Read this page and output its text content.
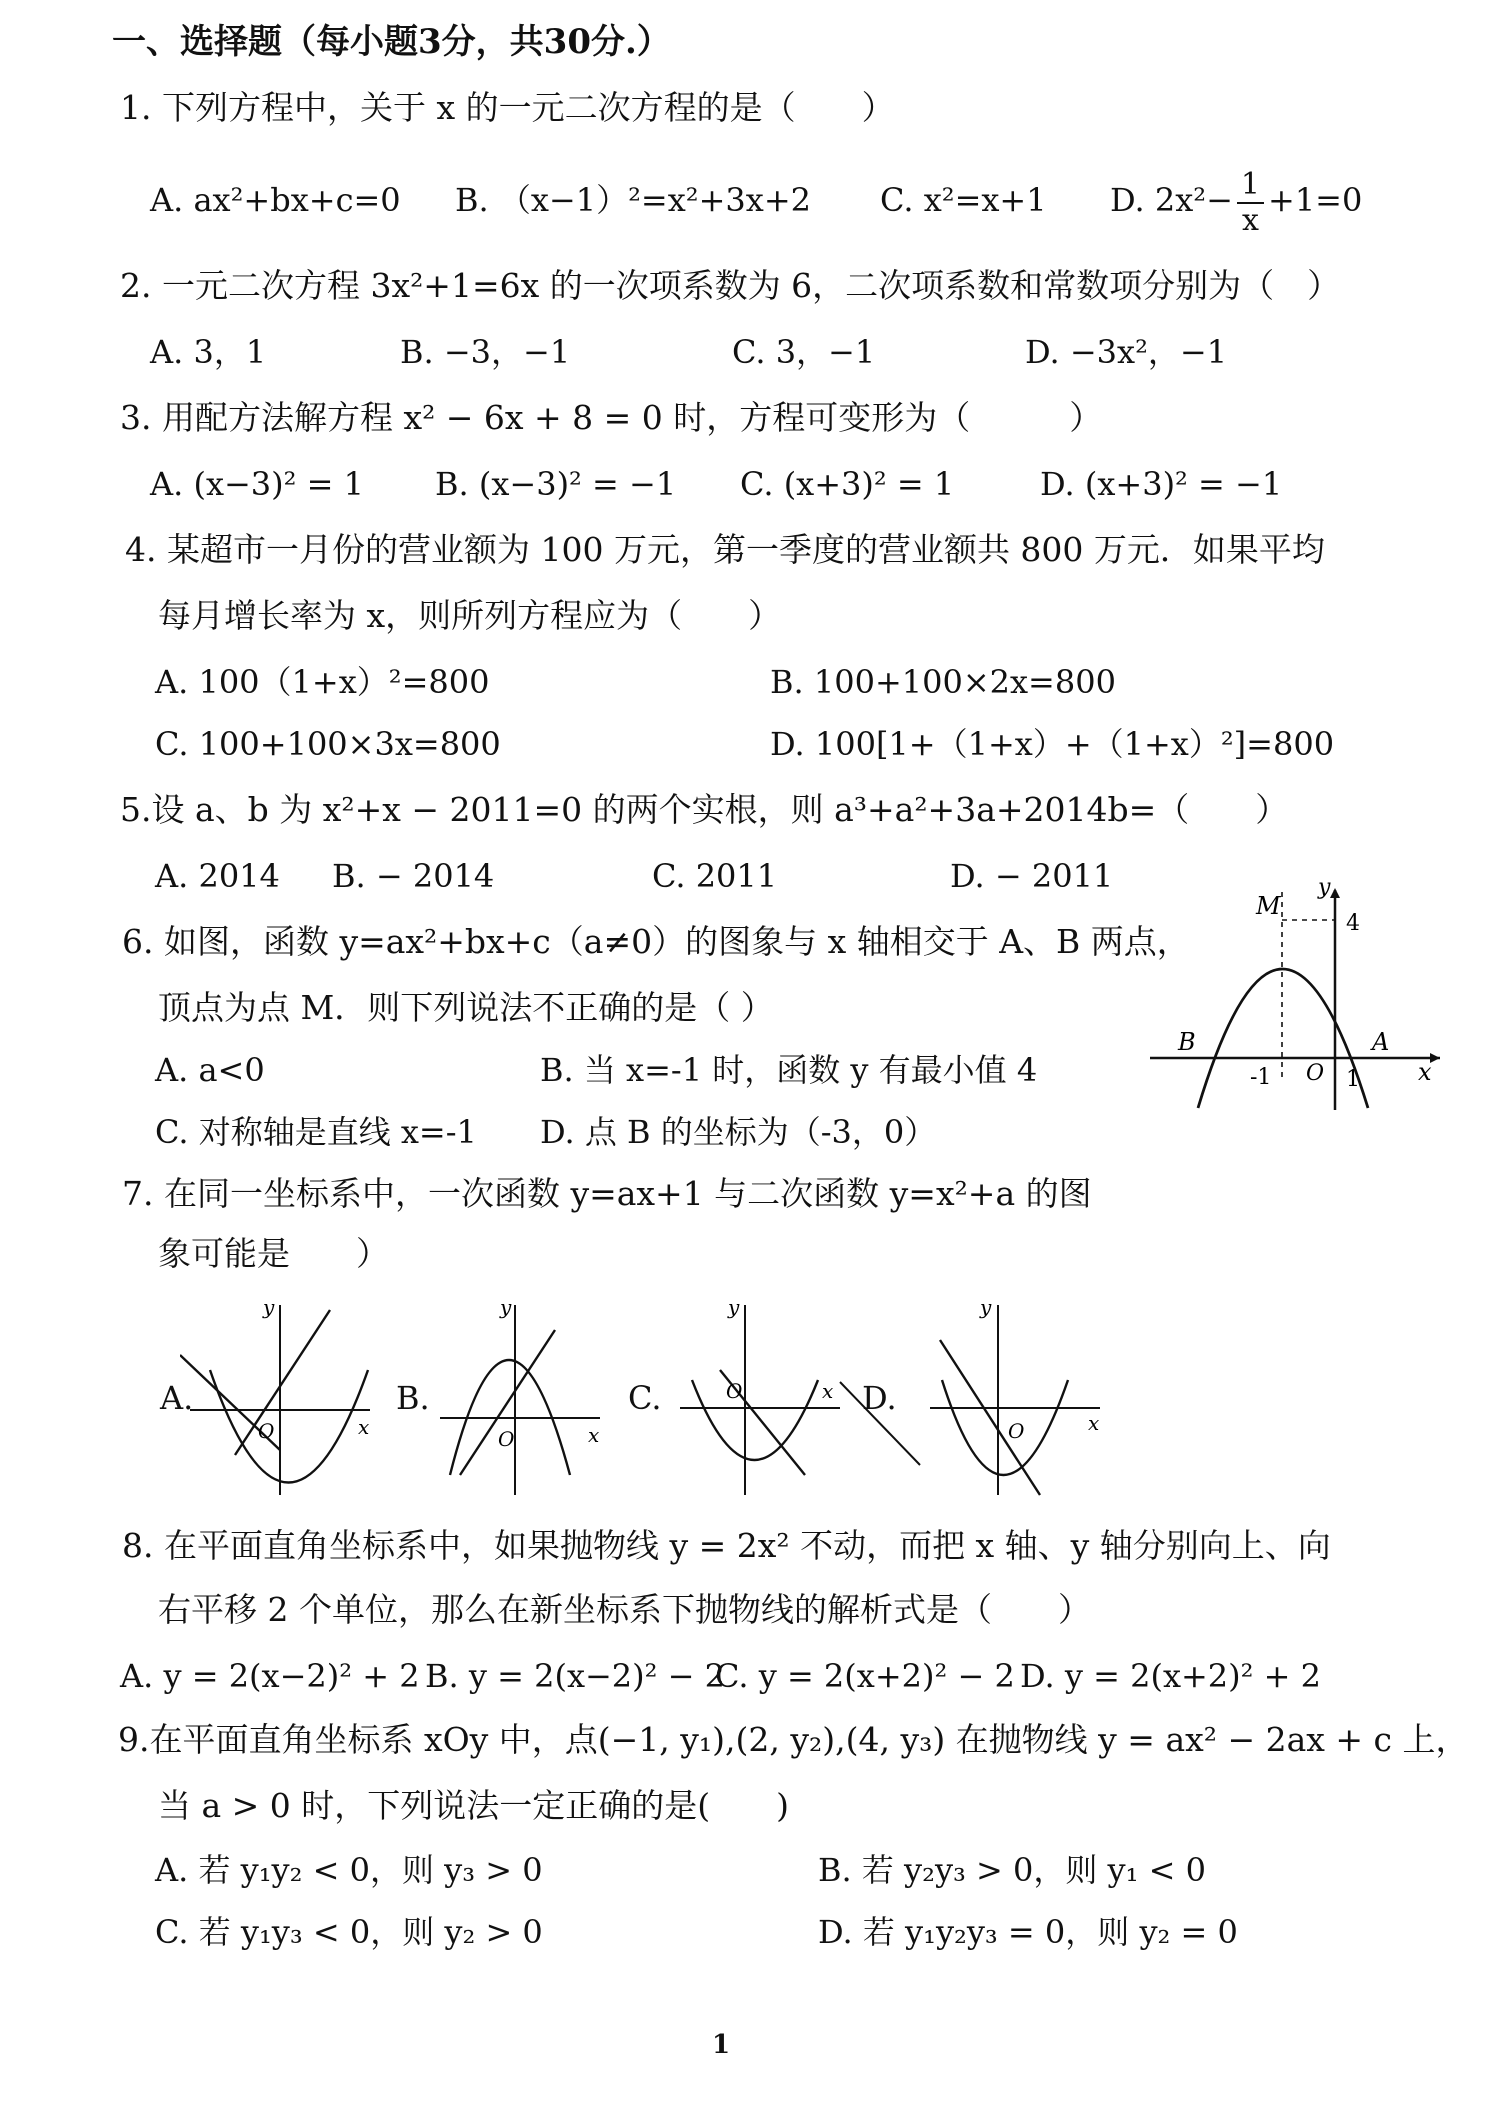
一、选择题（每小题3分，共30分.）
1. 下列方程中，关于 x 的一元二次方程的是（　　）
A. ax²+bx+c=0 B. （x−1）²=x²+3x+2 C. x²=x+1 D. $2x^2- \frac{1}{x} +1=0$
2. 一元二次方程 3x²+1=6x 的一次项系数为 6，二次项系数和常数项分别为（　）
A. 3，1	B. −3，−1	C. 3，−1	D. −3x²，−1
3. 用配方法解方程 x² − 6x + 8 = 0 时，方程可变形为（　　　）
A. (x−3)² = 1 B. (x−3)² = −1 C. (x+3)² = 1	D. (x+3)² = −1
4. 某超市一月份的营业额为 100 万元，第一季度的营业额共 800 万元．如果平均
每月增长率为 x，则所列方程应为（　　）
A. 100（1+x）²=800	B. 100+100×2x=800
C. 100+100×3x=800	D. 100[1+（1+x）+（1+x）²]=800
5.设 a、b 为 x²+x − 2011=0 的两个实根，则 a³+a²+3a+2014b=（　　）
A. 2014 B. − 2014	C. 2011	D. − 2011
6. 如图，函数 y=ax²+bx+c（a≠0）的图象与 x 轴相交于 A、B 两点，
顶点为点 M．则下列说法不正确的是（ ）
A. a<0	B. 当 x=-1 时，函数 y 有最小值 4
C. 对称轴是直线 x=-1 D. 点 B 的坐标为（-3，0）
M
y
4
B	A
-1 O 1 x
7. 在同一坐标系中，一次函数 y=ax+1 与二次函数 y=x²+a 的图
象可能是　　）
A.
y
O	x
B.
y
O	x
C.
y
O	x D.
y
O	x
8. 在平面直角坐标系中，如果抛物线 y = 2x² 不动，而把 x 轴、y 轴分别向上、向
右平移 2 个单位，那么在新坐标系下抛物线的解析式是（　　）
A. y = 2(x−2)² + 2 B. y = 2(x−2)² − 2
C. y = 2(x+2)² − 2 D. y = 2(x+2)² + 2
9.在平面直角坐标系 xOy 中，点(−1, y₁),(2, y₂),(4, y₃) 在抛物线 y = ax² − 2ax + c 上，
当 a > 0 时，下列说法一定正确的是(　　)
A. 若 y₁y₂ < 0，则 y₃ > 0	B. 若 y₂y₃ > 0，则 y₁ < 0
C. 若 y₁y₃ < 0，则 y₂ > 0	D. 若 y₁y₂y₃ = 0，则 y₂ = 0
1
